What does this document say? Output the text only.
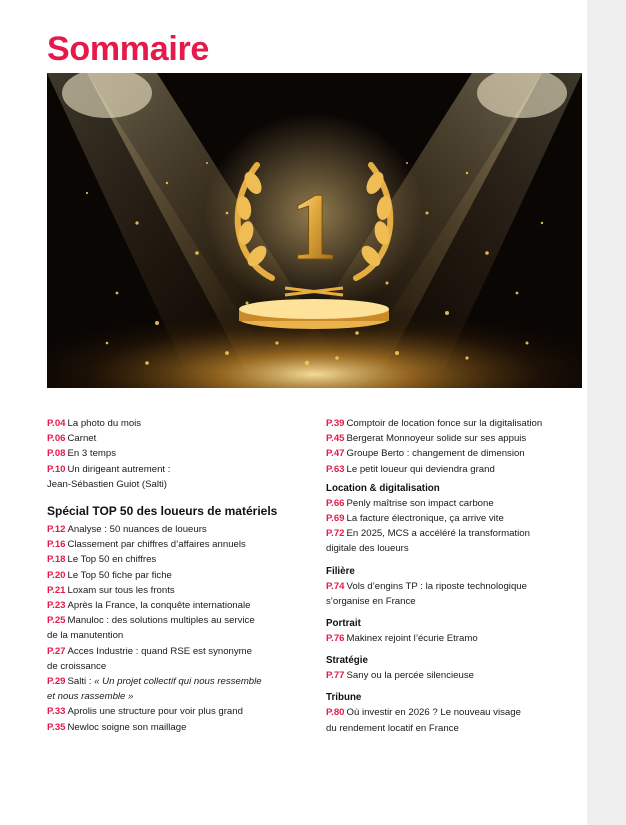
Sommaire
1
P.04 La photo du mois
P.06 Carnet
P.08 En 3 temps
P.10 Un dirigeant autrement :
Jean-Sébastien Guiot (Salti)
Spécial TOP 50 des loueurs de matériels
P.12 Analyse : 50 nuances de loueurs
P.16 Classement par chiffres d’affaires annuels
P.18 Le Top 50 en chiffres
P.20 Le Top 50 fiche par fiche
P.21 Loxam sur tous les fronts
P.23 Après la France, la conquête internationale
P.25 Manuloc : des solutions multiples au service
de la manutention
P.27 Acces Industrie : quand RSE est synonyme
de croissance
P.29 Salti : « Un projet collectif qui nous ressemble
et nous rassemble »
P.33 Aprolis une structure pour voir plus grand
P.35 Newloc soigne son maillage
P.39 Comptoir de location fonce sur la digitalisation
P.45 Bergerat Monnoyeur solide sur ses appuis
P.47 Groupe Berto : changement de dimension
P.63 Le petit loueur qui deviendra grand
Location & digitalisation
P.66 Penly maîtrise son impact carbone
P.69 La facture électronique, ça arrive vite
P.72 En 2025, MCS a accéléré la transformation
digitale des loueurs
Filière
P.74 Vols d’engins TP : la riposte technologique
s’organise en France
Portrait
P.76 Makinex rejoint l’écurie Etramo
Stratégie
P.77 Sany ou la percée silencieuse
Tribune
P.80 Où investir en 2026 ? Le nouveau visage
du rendement locatif en France
